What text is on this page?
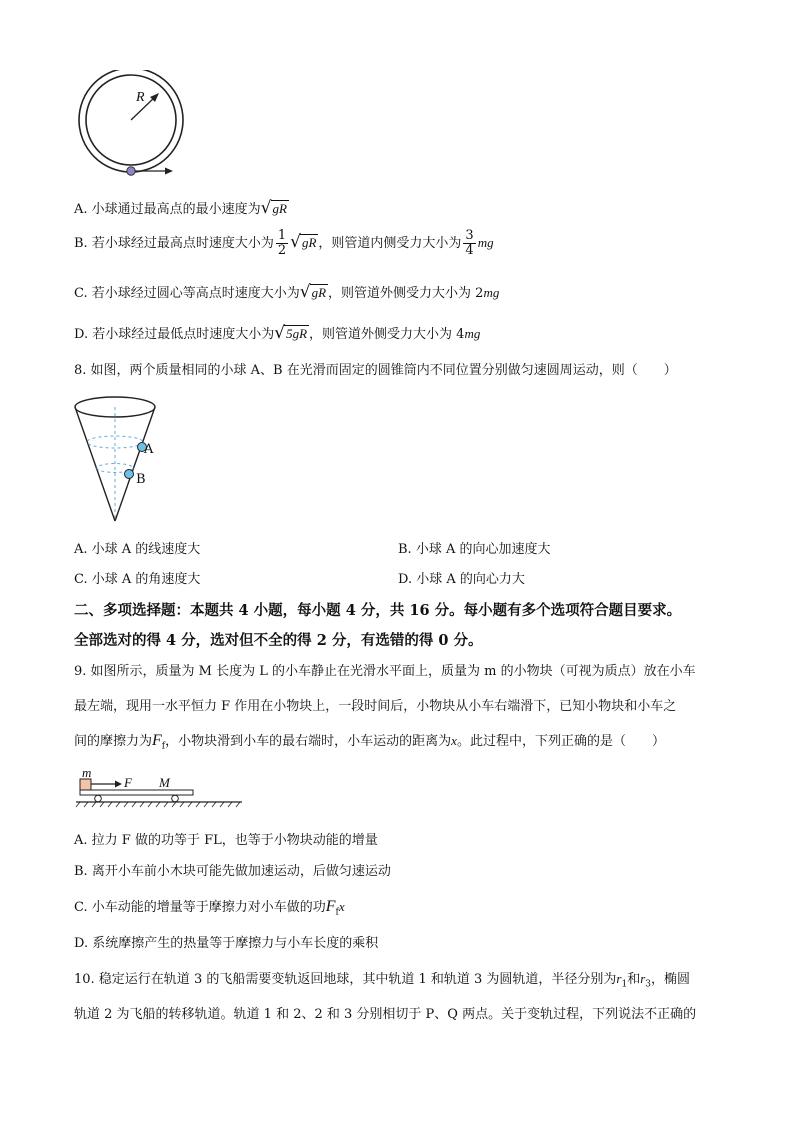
R
A. 小球通过最高点的最小速度为√gR
B. 若小球经过最高点时速度大小为 $\frac{1}{2} √gR$ ，则管道内侧受力大小为 $\frac{3}{4}$ mg
C. 若小球经过圆心等高点时速度大小为√gR ，则管道外侧受力大小为 2mg
D. 若小球经过最低点时速度大小为√5gR ，则管道外侧受力大小为 4mg
8. 如图，两个质量相同的小球 A、B 在光滑而固定的圆锥筒内不同位置分别做匀速圆周运动，则（　　）
A
B
A. 小球 A 的线速度大	B. 小球 A 的向心加速度大
C. 小球 A 的角速度大	D. 小球 A 的向心力大
二、多项选择题：本题共 4 小题，每小题 4 分，共 16 分。每小题有多个选项符合题目要求。
全部选对的得 4 分，选对但不全的得 2 分，有选错的得 0 分。
9. 如图所示，质量为 M 长度为 L 的小车静止在光滑水平面上，质量为 m 的小物块（可视为质点）放在小车
最左端，现用一水平恒力 F 作用在小物块上，一段时间后，小物块从小车右端滑下，已知小物块和小车之
间的摩擦力为$F_f$，小物块滑到小车的最右端时，小车运动的距离为x。此过程中，下列正确的是（　　）
m
F M
A. 拉力 F 做的功等于 FL，也等于小物块动能的增量
B. 离开小车前小木块可能先做加速运动，后做匀速运动
C. 小车动能的增量等于摩擦力对小车做的功$F_fx$
D. 系统摩擦产生的热量等于摩擦力与小车长度的乘积
10. 稳定运行在轨道 3 的飞船需要变轨返回地球，其中轨道 1 和轨道 3 为圆轨道，半径分别为$r_1$和$r_3$，椭圆
轨道 2 为飞船的转移轨道。轨道 1 和 2、2 和 3 分别相切于 P、Q 两点。关于变轨过程，下列说法不正确的
